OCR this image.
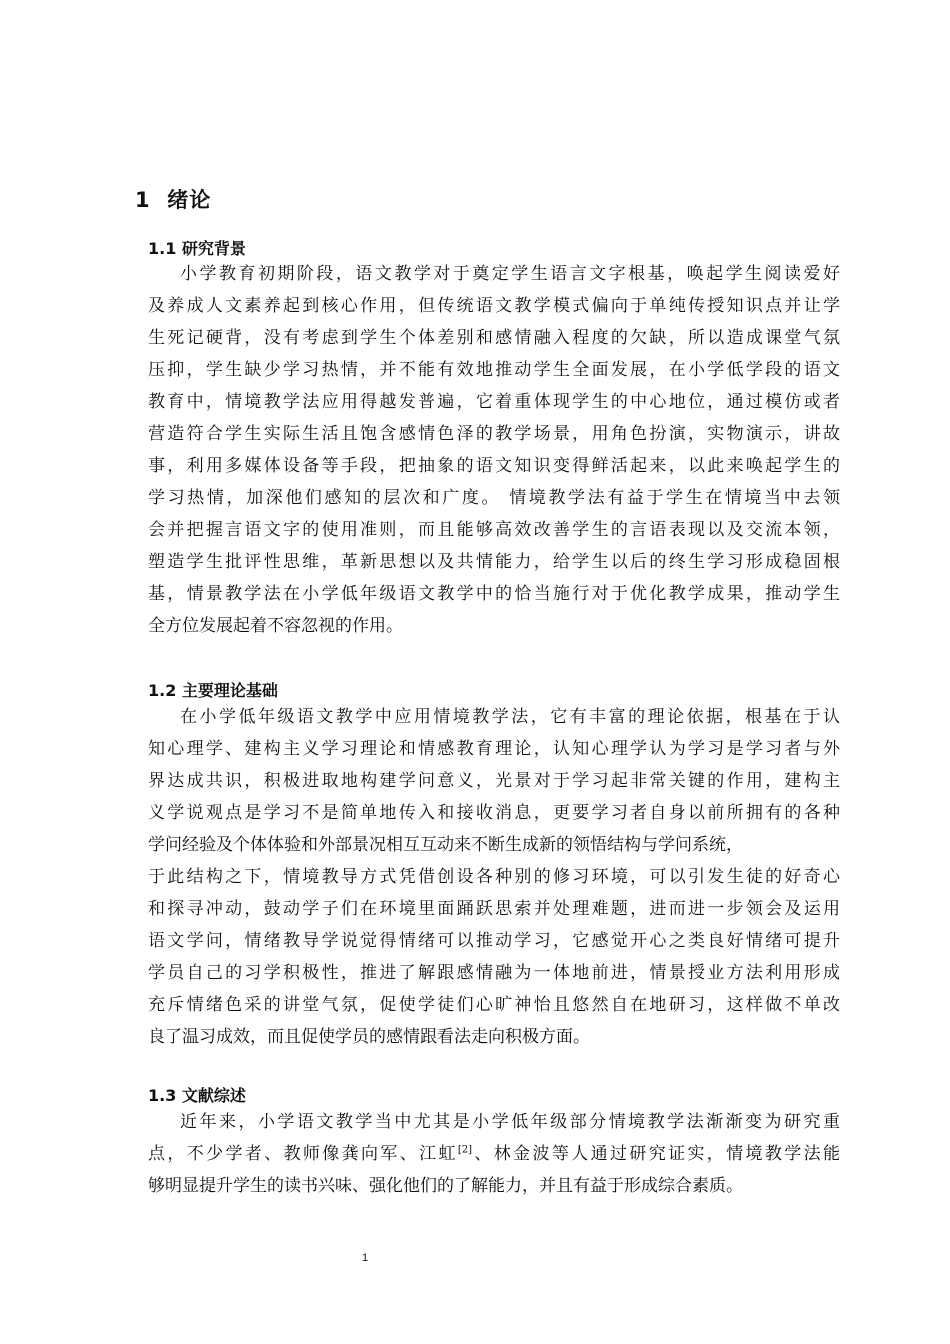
1  绪论
1.1 研究背景
小学教育初期阶段，语文教学对于奠定学生语言文字根基，唤起学生阅读爱好
及养成人文素养起到核心作用，但传统语文教学模式偏向于单纯传授知识点并让学
生死记硬背，没有考虑到学生个体差别和感情融入程度的欠缺，所以造成课堂气氛
压抑，学生缺少学习热情，并不能有效地推动学生全面发展，在小学低学段的语文
教育中，情境教学法应用得越发普遍，它着重体现学生的中心地位，通过模仿或者
营造符合学生实际生活且饱含感情色泽的教学场景，用角色扮演，实物演示，讲故
事，利用多媒体设备等手段，把抽象的语文知识变得鲜活起来，以此来唤起学生的
学习热情，加深他们感知的层次和广度。 情境教学法有益于学生在情境当中去领
会并把握言语文字的使用准则，而且能够高效改善学生的言语表现以及交流本领，
塑造学生批评性思维，革新思想以及共情能力，给学生以后的终生学习形成稳固根
基，情景教学法在小学低年级语文教学中的恰当施行对于优化教学成果，推动学生
全方位发展起着不容忽视的作用。
1.2 主要理论基础
在小学低年级语文教学中应用情境教学法，它有丰富的理论依据，根基在于认
知心理学、建构主义学习理论和情感教育理论，认知心理学认为学习是学习者与外
界达成共识，积极进取地构建学问意义，光景对于学习起非常关键的作用，建构主
义学说观点是学习不是简单地传入和接收消息，更要学习者自身以前所拥有的各种
学问经验及个体体验和外部景况相互互动来不断生成新的领悟结构与学问系统，
于此结构之下，情境教导方式凭借创设各种别的修习环境，可以引发生徒的好奇心
和探寻冲动，鼓动学子们在环境里面踊跃思索并处理难题，进而进一步领会及运用
语文学问，情绪教导学说觉得情绪可以推动学习，它感觉开心之类良好情绪可提升
学员自己的习学积极性，推进了解跟感情融为一体地前进，情景授业方法利用形成
充斥情绪色采的讲堂气氛，促使学徒们心旷神怡且悠然自在地研习，这样做不单改
良了温习成效，而且促使学员的感情跟看法走向积极方面。
1.3 文献综述
近年来，小学语文教学当中尤其是小学低年级部分情境教学法渐渐变为研究重
点，不少学者、教师像龚向军、江虹[2]、林金波等人通过研究证实，情境教学法能
够明显提升学生的读书兴味、强化他们的了解能力，并且有益于形成综合素质。
1
